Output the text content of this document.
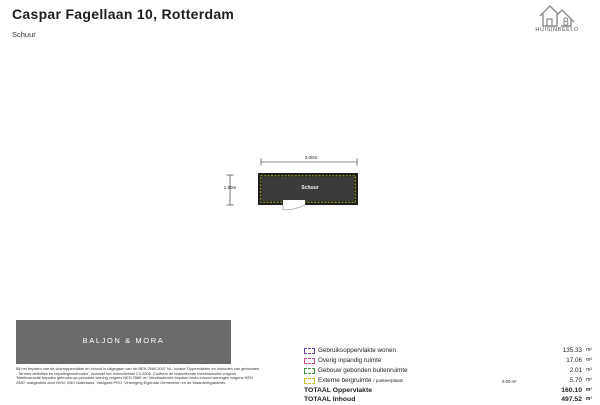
Caspar Fagellaan 10, Rotterdam
Schuur	HUISINBEELD
3.00m
1.90m	Schuur
BALJON & MORA
Bij het bepalen van de vloeroppervlakte en inhoud is uitgegaan van de NEN 2580:2007 NL, inzake 'Oppervlakten en inhouden van gebouwen - Termen definities en bepalingsmethoden', inclusief het correctieblad C1:2008. Conform de branchbrede meetinstructie volgens 'Meetinstructie bepalen gebruiks-op-pervlakte woning volgens NEN 2580' en 'Meetinstructie bepalen bruto-inhoud woningen volgens NEN 2580' vastgesteld door NVM, VBO Makelaars, Vastgoed PRO, Vereniging Eigenaar Gemeenten en de Waarderingskamer.
Gebruiksoppervlakte wonen	135.33 m²
Overig inpandig ruimte	17.06 m²
Gebouw gebonden buitenruimte	2.01 m²
Externe bergruimte / parkeerplaats	0.00 m²	5.70 m²
TOTAAL Oppervlakte	160.10 m²
TOTAAL Inhoud	497.52 m³
